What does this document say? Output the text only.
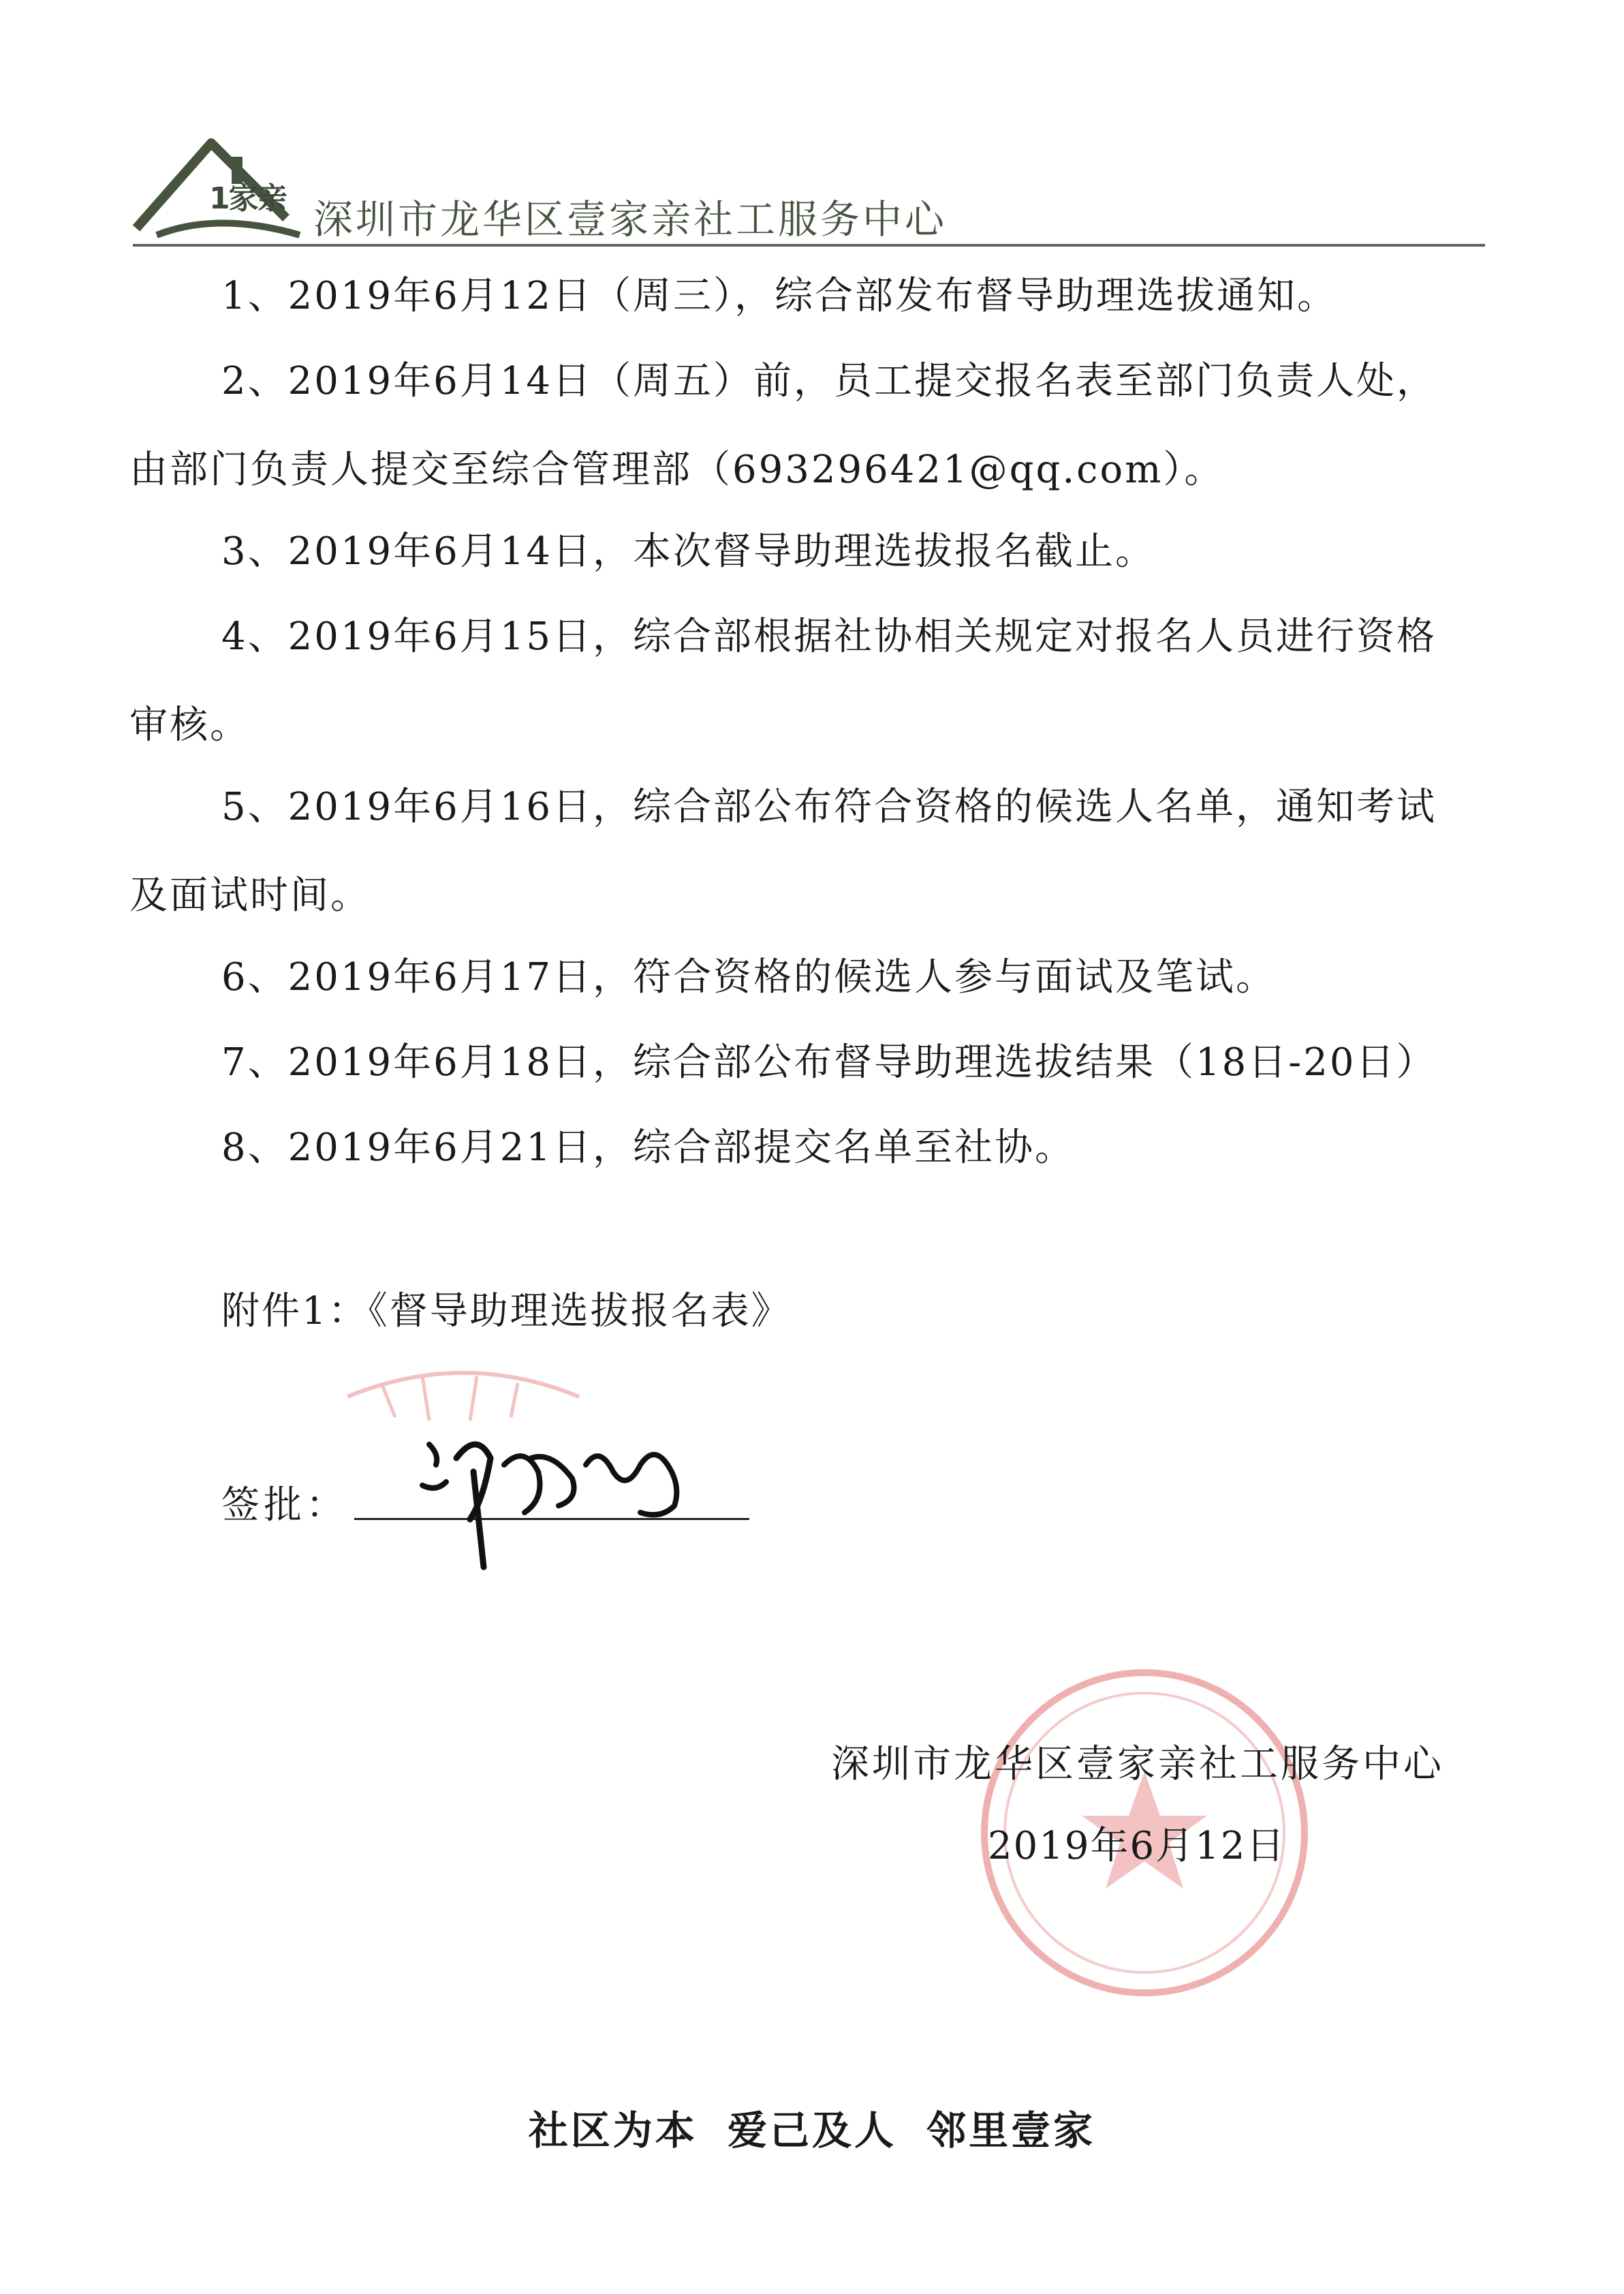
1家亲 深圳市龙华区壹家亲社工服务中心
1、2019年6月12日（周三），综合部发布督导助理选拔通知。
2、2019年6月14日（周五）前，员工提交报名表至部门负责人处，
由部门负责人提交至综合管理部（693296421@qq.com）。
3、2019年6月14日，本次督导助理选拔报名截止。
4、2019年6月15日，综合部根据社协相关规定对报名人员进行资格
审核。
5、2019年6月16日，综合部公布符合资格的候选人名单，通知考试
及面试时间。
6、2019年6月17日，符合资格的候选人参与面试及笔试。
7、2019年6月18日，综合部公布督导助理选拔结果（18日-20日）
8、2019年6月21日，综合部提交名单至社协。
附件1：《督导助理选拔报名表》
签批：
深圳市龙华区壹家亲社工服务中心
2019年6月12日
社区为本 爱己及人 邻里壹家
